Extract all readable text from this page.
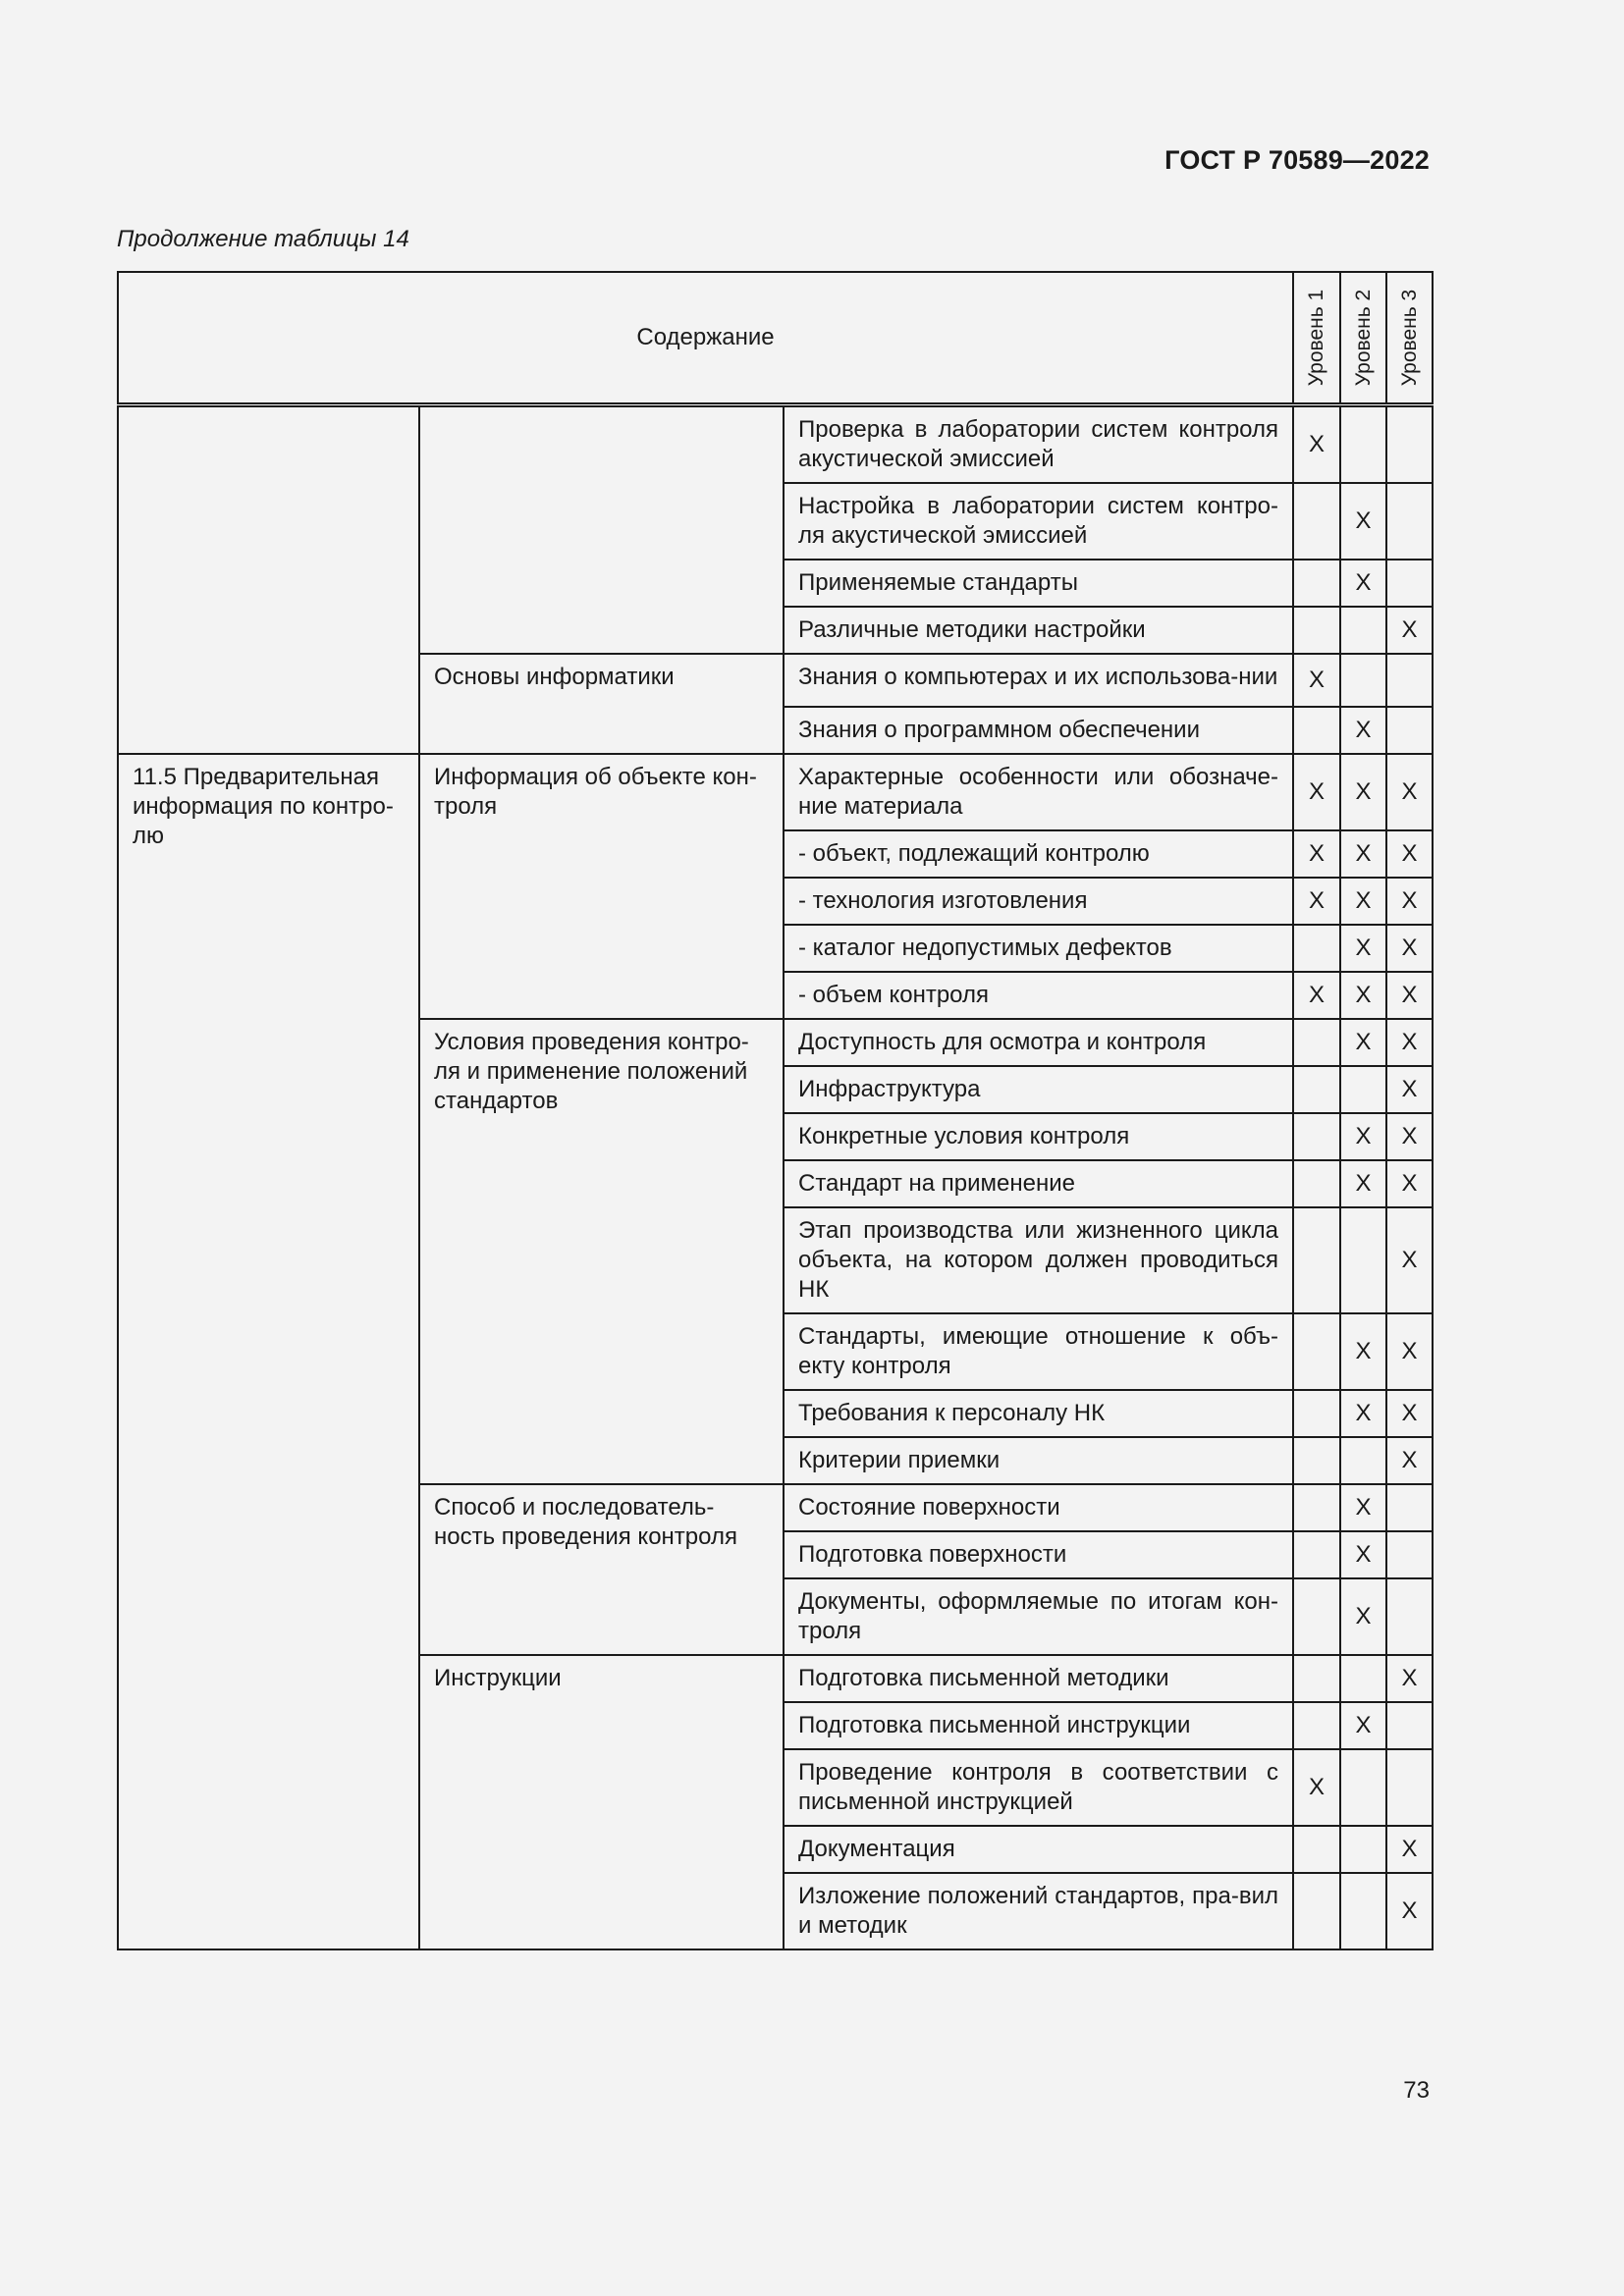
ГОСТ Р 70589—2022
Продолжение таблицы 14
Содержание			Уровень 1	Уровень 2	Уровень 3

		Проверка в лаборатории систем контроля акустической эмиссией	X		
		Настройка в лаборатории систем контро-ля акустической эмиссией		X	
		Применяемые стандарты		X	
		Различные методики настройки			X
	Основы информатики	Знания о компьютерах и их использова-нии	X		
		Знания о программном обеспечении		X	
11.5 Предварительная информация по контро-лю	Информация об объекте кон-троля	Характерные особенности или обозначе-ние материала	X	X	X
		- объект, подлежащий контролю	X	X	X
		- технология изготовления	X	X	X
		- каталог недопустимых дефектов		X	X
		- объем контроля	X	X	X
	Условия проведения контро-ля и применение положений стандартов	Доступность для осмотра и контроля		X	X
		Инфраструктура			X
		Конкретные условия контроля		X	X
		Стандарт на применение		X	X
		Этап производства или жизненного цикла объекта, на котором должен проводиться НК			X
		Стандарты, имеющие отношение к объ-екту контроля		X	X
		Требования к персоналу НК		X	X
		Критерии приемки			X
	Способ и последователь-ность проведения контроля	Состояние поверхности		X	
		Подготовка поверхности		X	
		Документы, оформляемые по итогам кон-троля		X	
	Инструкции	Подготовка письменной методики			X
		Подготовка письменной инструкции		X	
		Проведение контроля в соответствии с письменной инструкцией	X		
		Документация			X
		Изложение положений стандартов, пра-вил и методик			X
73
